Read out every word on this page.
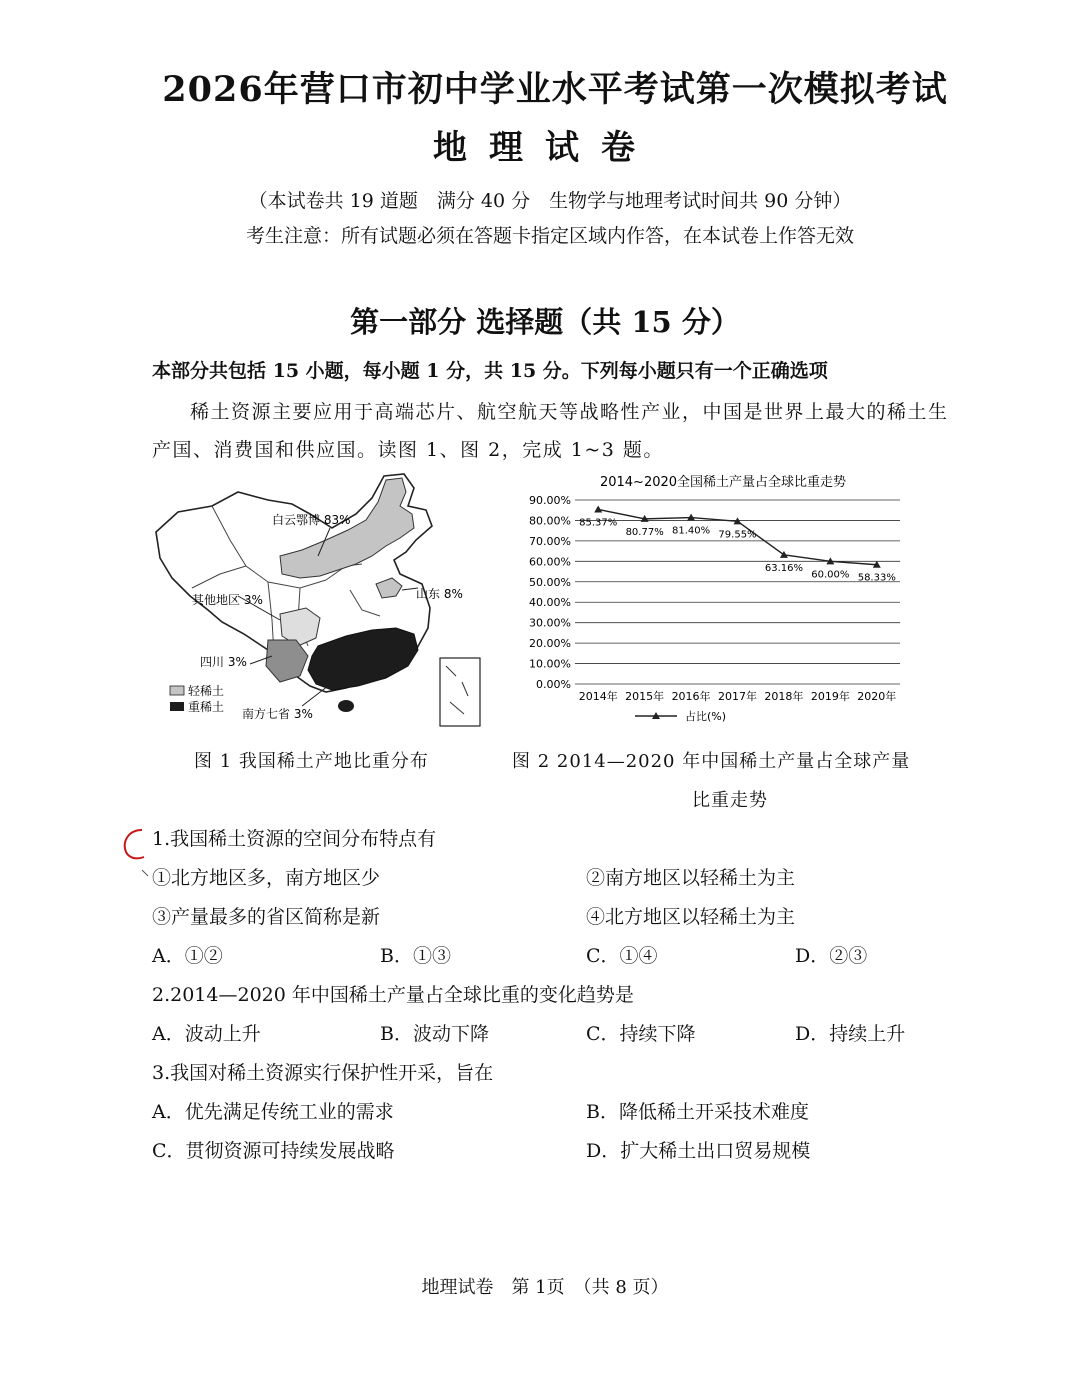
2026年营口市初中学业水平考试第一次模拟考试
地理试卷
（本试卷共 19 道题　满分 40 分　生物学与地理考试时间共 90 分钟）
考生注意：所有试题必须在答题卡指定区域内作答，在本试卷上作答无效
第一部分 选择题（共 15 分）
本部分共包括 15 小题，每小题 1 分，共 15 分。下列每小题只有一个正确选项
稀土资源主要应用于高端芯片、航空航天等战略性产业，中国是世界上最大的稀土生产国、消费国和供应国。读图 1、图 2，完成 1~3 题。
白云鄂博 83%
山东 8%
其他地区 3%
四川 3%
南方七省 3%
轻稀土
重稀土
图 1 我国稀土产地比重分布
2014~2020全国稀土产量占全球比重走势
90.00%
80.00%
70.00%
60.00%
50.00%
40.00%
30.00%
20.00%
10.00%
0.00%
2014年 2015年 2016年 2017年 2018年 2019年 2020年
85.37%
80.77% 81.40% 79.55%
63.16%
60.00% 58.33%
占比(%)
图 2 2014—2020 年中国稀土产量占全球产量
比重走势
1.我国稀土资源的空间分布特点有
①北方地区多，南方地区少	②南方地区以轻稀土为主
③产量最多的省区简称是新	④北方地区以轻稀土为主
A．①②	B．①③	C．①④	D．②③
2.2014—2020 年中国稀土产量占全球比重的变化趋势是
A．波动上升	B．波动下降	C．持续下降	D．持续上升
3.我国对稀土资源实行保护性开采，旨在
A．优先满足传统工业的需求	B．降低稀土开采技术难度
C．贯彻资源可持续发展战略	D．扩大稀土出口贸易规模
地理试卷　第 1页　（共 8 页）
